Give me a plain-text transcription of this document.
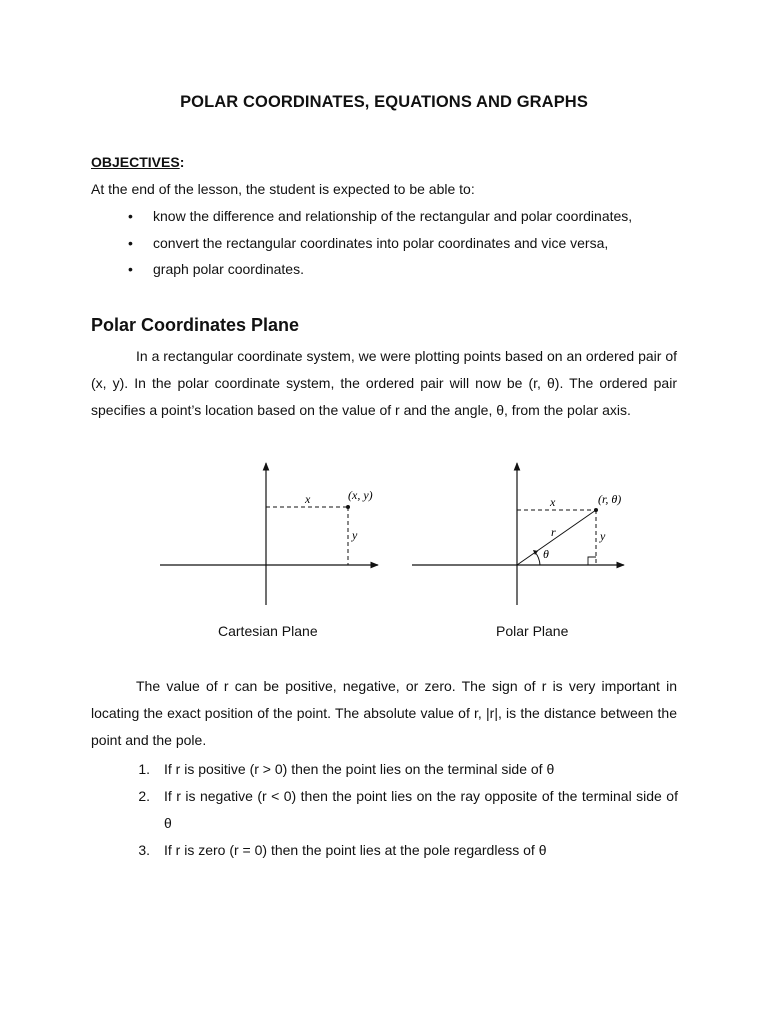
POLAR COORDINATES, EQUATIONS AND GRAPHS
OBJECTIVES:
At the end of the lesson, the student is expected to be able to:
• know the difference and relationship of the rectangular and polar coordinates,
• convert the rectangular coordinates into polar coordinates and vice versa,
• graph polar coordinates.
Polar Coordinates Plane

In a rectangular coordinate system, we were plotting points based on an ordered pair of (x, y). In the polar coordinate system, the ordered pair will now be (r, θ). The ordered pair specifies a point’s location based on the value of r and the angle, θ, from the polar axis.

x
y
(x, y)	x
y
r
θ
(r, θ)
Cartesian Plane	Polar Plane

The value of r can be positive, negative, or zero. The sign of r is very important in locating the exact position of the point. The absolute value of r, |r|, is the distance between the point and the pole.

1. If r is positive (r > 0) then the point lies on the terminal side of θ
2. If r is negative (r < 0) then the point lies on the ray opposite of the terminal side of θ
3. If r is zero (r = 0) then the point lies at the pole regardless of θ
